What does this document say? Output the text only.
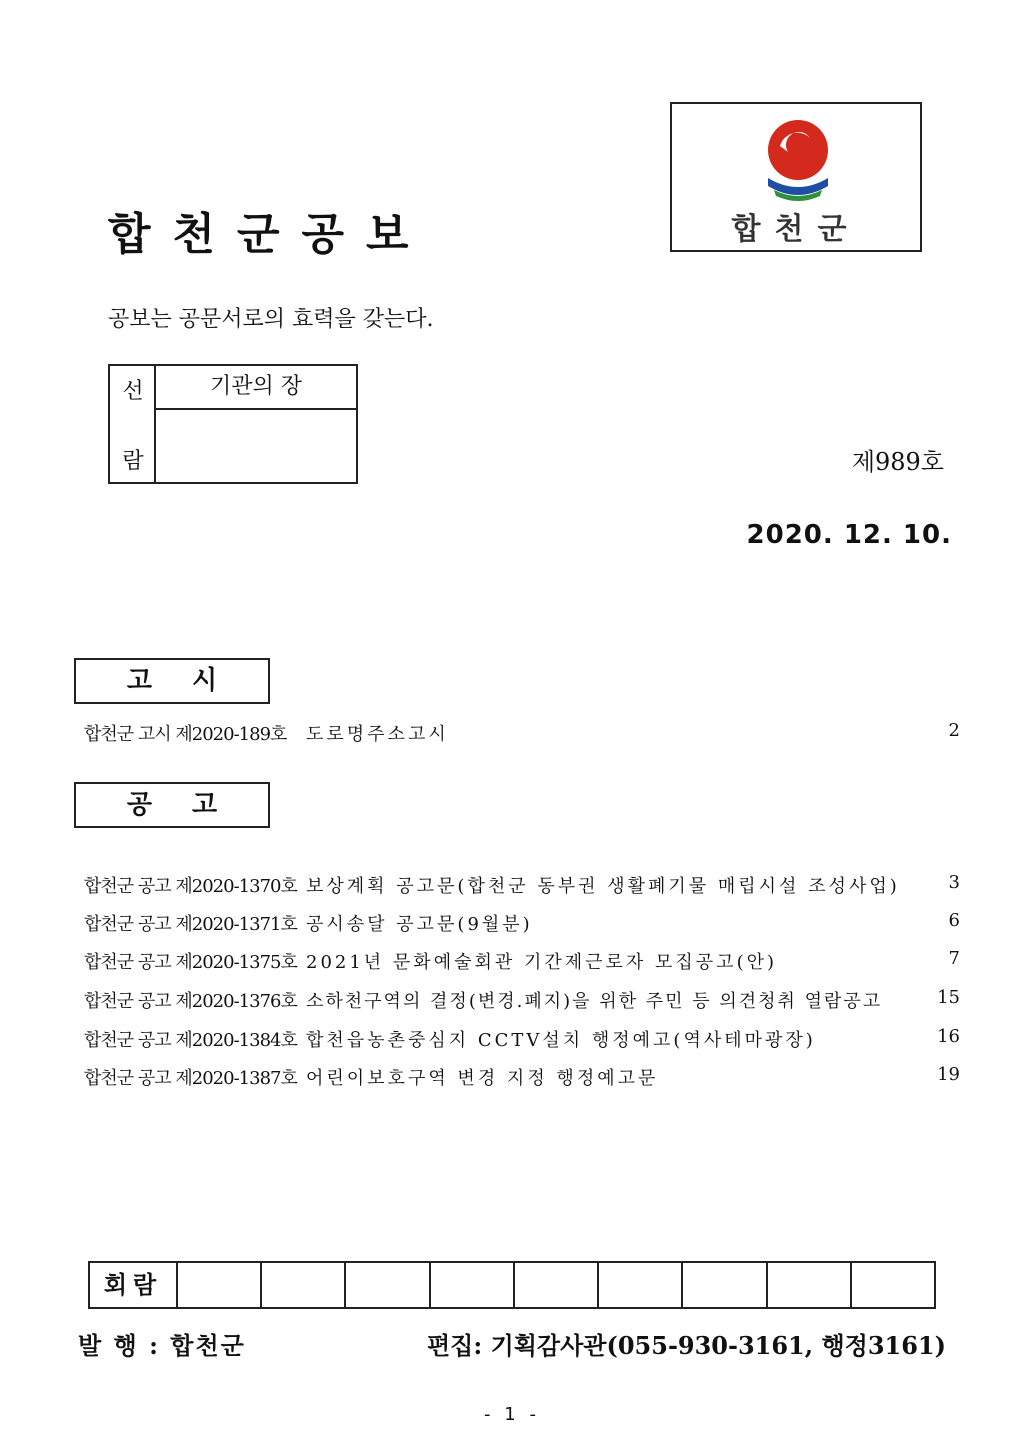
합천군공보
공보는 공문서로의 효력을 갖는다.
합천군
선
람
기관의 장
제989호
2020. 12. 10.
고시
합천군 고시 제2020-189호 도로명주소고시	2
공고
합천군 공고 제2020-1370호 보상계획 공고문(합천군 동부권 생활폐기물 매립시설 조성사업)	3
합천군 공고 제2020-1371호 공시송달 공고문(9월분)	6
합천군 공고 제2020-1375호 2021년 문화예술회관 기간제근로자 모집공고(안)	7
합천군 공고 제2020-1376호 소하천구역의 결정(변경.폐지)을 위한 주민 등 의견청취 열람공고	15
합천군 공고 제2020-1384호 합천읍농촌중심지 CCTV설치 행정예고(역사테마광장)	16
합천군 공고 제2020-1387호 어린이보호구역 변경 지정 행정예고문	19
회람
발 행 : 합천군	편집: 기획감사관(055-930-3161, 행정3161)
- 1 -
